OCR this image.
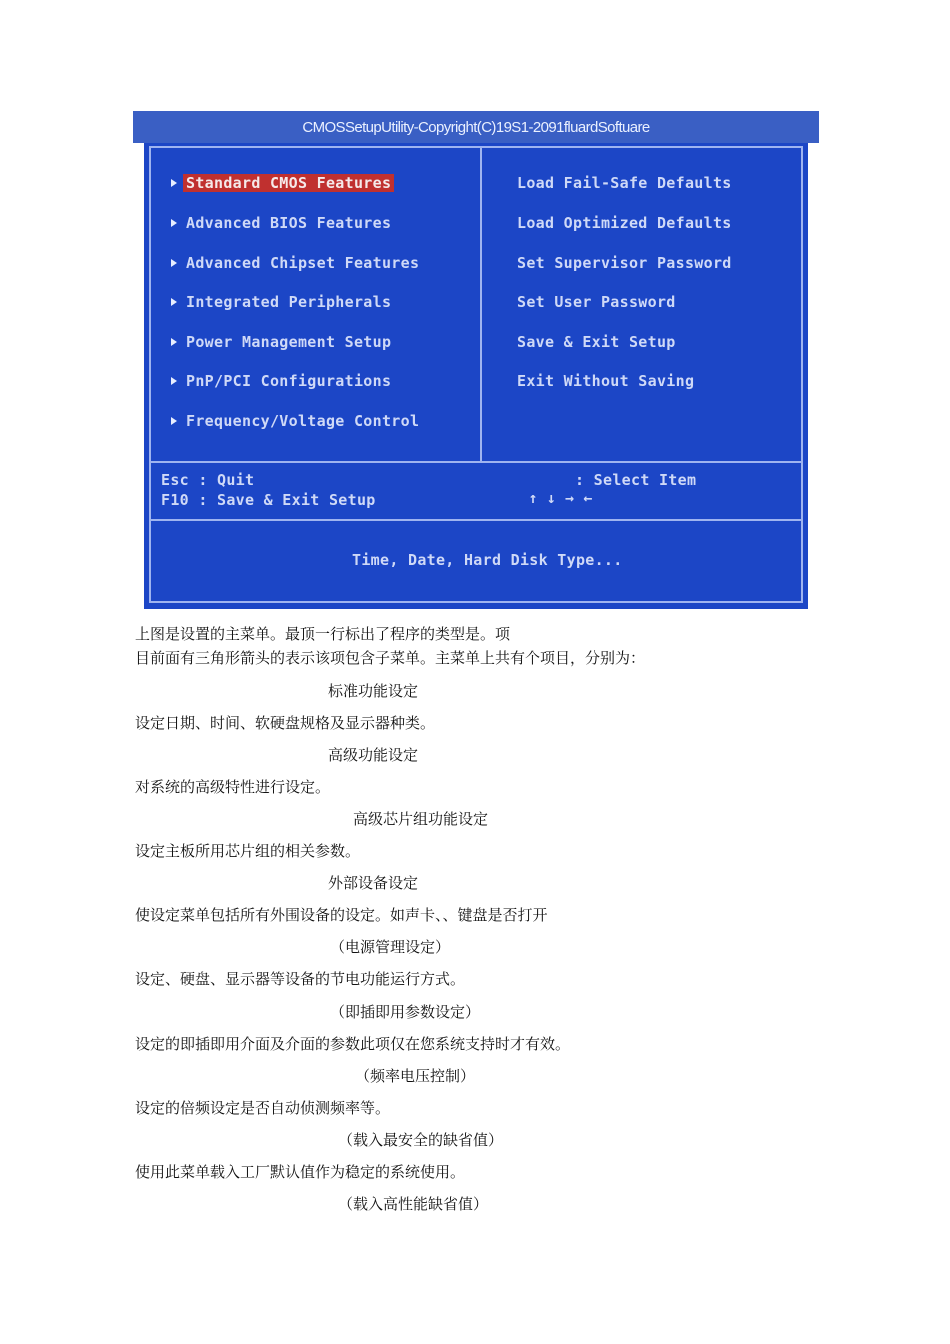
CMOSSetupUtility-Copyright(C)19S1-2091fluardSoftuare
Standard CMOS Features
Advanced BIOS Features
Advanced Chipset Features
Integrated Peripherals
Power Management Setup
PnP/PCI Configurations
Frequency/Voltage Control
Load Fail-Safe Defaults
Load Optimized Defaults
Set Supervisor Password
Set User Password
Save & Exit Setup
Exit Without Saving
Esc : Quit
F10 : Save & Exit Setup	↑ ↓ → ←

: Select Item
Time, Date, Hard Disk Type...
上图是设置的主菜单。最顶一行标出了程序的类型是。项
目前面有三角形箭头的表示该项包含子菜单。主菜单上共有个项目，分别为：
标准功能设定
设定日期、时间、软硬盘规格及显示器种类。
高级功能设定
对系统的高级特性进行设定。
高级芯片组功能设定
设定主板所用芯片组的相关参数。
外部设备设定
使设定菜单包括所有外围设备的设定。如声卡、、键盘是否打开
（电源管理设定）
设定、硬盘、显示器等设备的节电功能运行方式。
（即插即用参数设定）
设定的即插即用介面及介面的参数此项仅在您系统支持时才有效。
（频率电压控制）
设定的倍频设定是否自动侦测频率等。
（载入最安全的缺省值）
使用此菜单载入工厂默认值作为稳定的系统使用。
（载入高性能缺省值）
